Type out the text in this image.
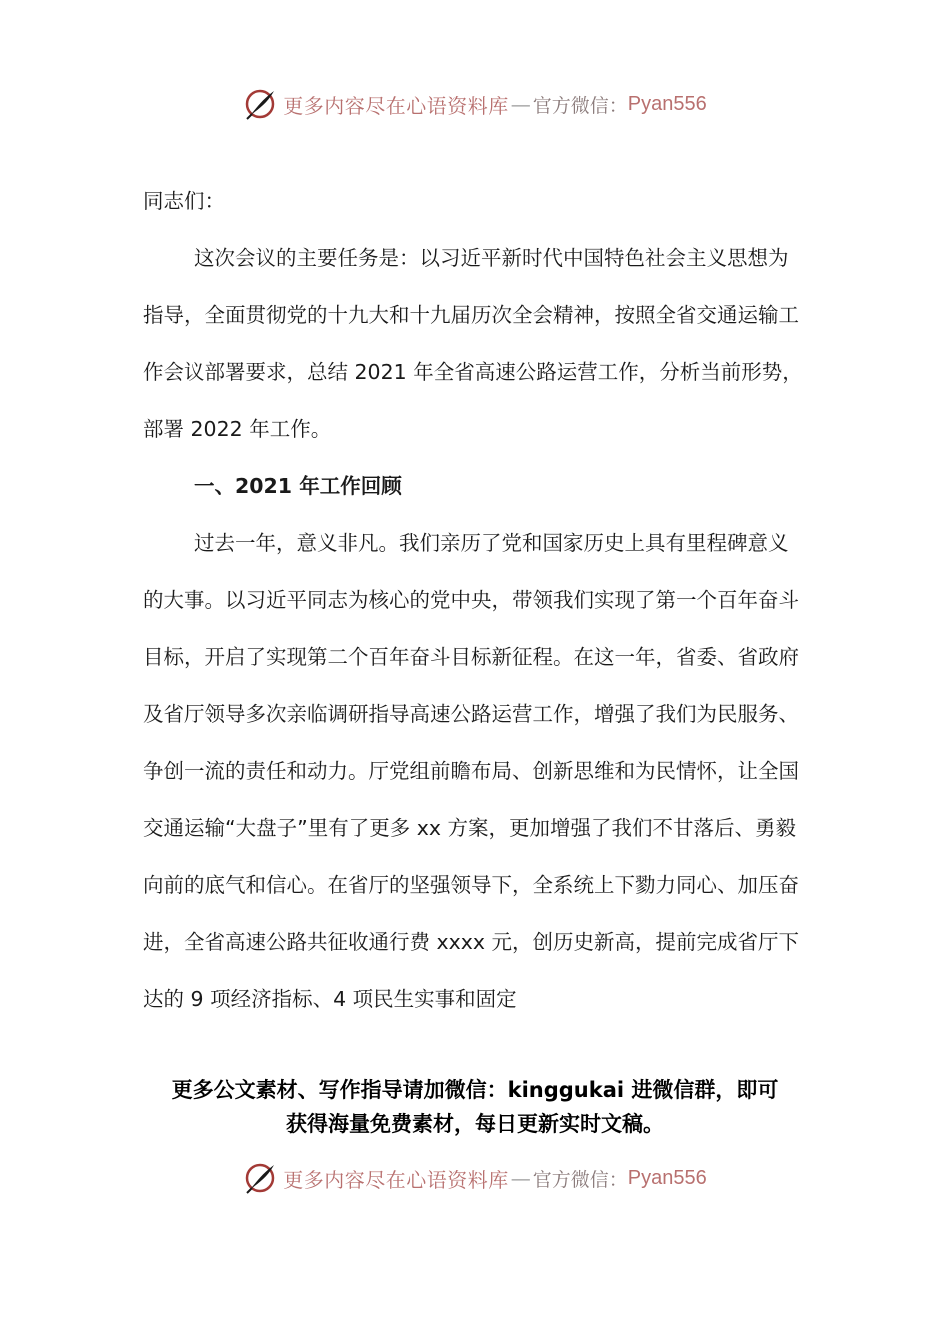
更多内容尽在心语资料库 — 官方微信： Pyan556

同志们：

这次会议的主要任务是：以习近平新时代中国特色社会主义思想为指导，全面贯彻党的十九大和十九届历次全会精神，按照全省交通运输工作会议部署要求，总结 2021 年全省高速公路运营工作，分析当前形势，部署 2022 年工作。

一、2021 年工作回顾

过去一年，意义非凡。我们亲历了党和国家历史上具有里程碑意义的大事。以习近平同志为核心的党中央，带领我们实现了第一个百年奋斗目标，开启了实现第二个百年奋斗目标新征程。在这一年，省委、省政府及省厅领导多次亲临调研指导高速公路运营工作，增强了我们为民服务、争创一流的责任和动力。厅党组前瞻布局、创新思维和为民情怀，让全国交通运输“大盘子”里有了更多 xx 方案，更加增强了我们不甘落后、勇毅向前的底气和信心。在省厅的坚强领导下，全系统上下勠力同心、加压奋进，全省高速公路共征收通行费 xxxx 元，创历史新高，提前完成省厅下达的 9 项经济指标、4 项民生实事和固定

更多公文素材、写作指导请加微信：kinggukai 进微信群，即可
获得海量免费素材，每日更新实时文稿。
更多内容尽在心语资料库 — 官方微信： Pyan556
